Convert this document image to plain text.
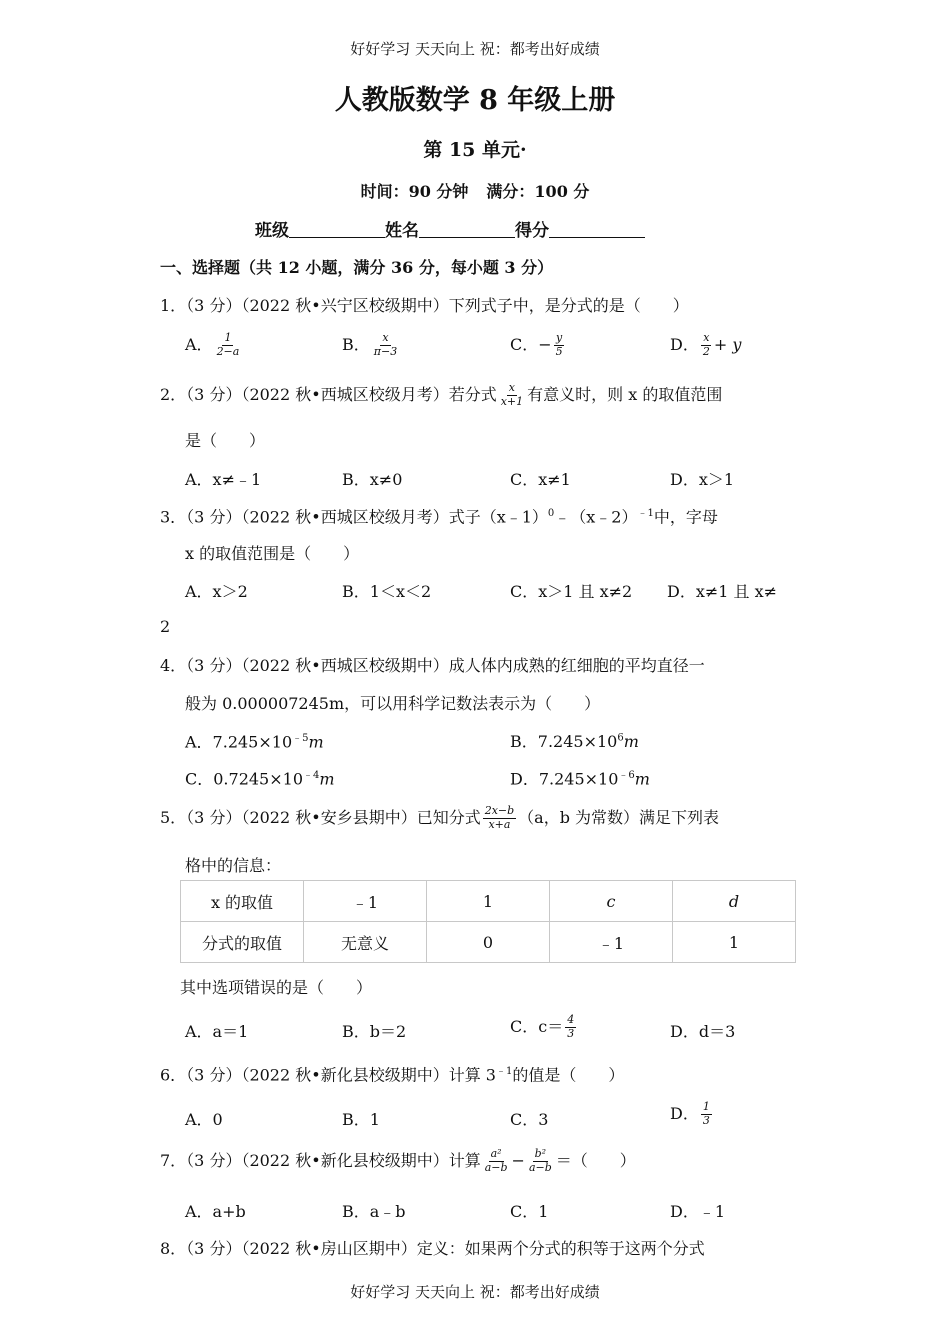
好好学习 天天向上 祝：都考出好成绩
人教版数学 8 年级上册
第 15 单元·
时间：90 分钟 满分：100 分
班级	姓名	得分
一、选择题（共 12 小题，满分 36 分，每小题 3 分）
1．（3 分）（2022 秋•兴宁区校级期中）下列式子中，是分式的是（　　）
A． $\frac{1}{2-a}$	B． $\frac{x}{\pi-3}$	C．− $\frac{y}{5}$	D． $\frac{x}{2} + y$
2．（3 分）（2022 秋•西城区校级月考）若分式 $\frac{x}{x+1}$ 有意义时，则 x 的取值范围
是（　　）
A．x≠﹣1	B．x≠0	C．x≠1	D．x＞1
3．（3 分）（2022 秋•西城区校级月考）式子（x﹣1）$^0$﹣（x﹣2）$^{﹣1}$中，字母
x 的取值范围是（　　）
A．x＞2	B．1＜x＜2	C．x＞1 且 x≠2 D．x≠1 且 x≠
2
4．（3 分）（2022 秋•西城区校级期中）成人体内成熟的红细胞的平均直径一
般为 0.000007245m，可以用科学记数法表示为（　　）
A．$7.245\times 10^{﹣5}m$	B．$7.245\times 10^6m$
C．$0.7245\times 10^{﹣4}m$	D．$7.245\times 10^{﹣6}m$
5．（3 分）（2022 秋•安乡县期中）已知分式 $\frac{2x-b}{x+a} (a$，b 为常数）满足下列表
格中的信息：
x 的取值	﹣1	1	c	d
分式的取值	无意义	0	﹣1	1
其中选项错误的是（　　）
A．a＝1	B．b＝2	C．$c= \frac{4}{3}$	D．d＝3
6．（3 分）（2022 秋•新化县校级期中）计算 $3^{﹣1}$的值是（　　）
A．0	B．1	C．3	D． $\frac{1}{3}$
7．（3 分）（2022 秋•新化县校级期中）计算 $\frac{\text{a²}}{a-b} - \frac{\text{b²}}{a-b}$ ＝（　　）
A．a+b	B．a﹣b	C．1	D．﹣1
8．（3 分）（2022 秋•房山区期中）定义：如果两个分式的积等于这两个分式
好好学习 天天向上 祝：都考出好成绩
